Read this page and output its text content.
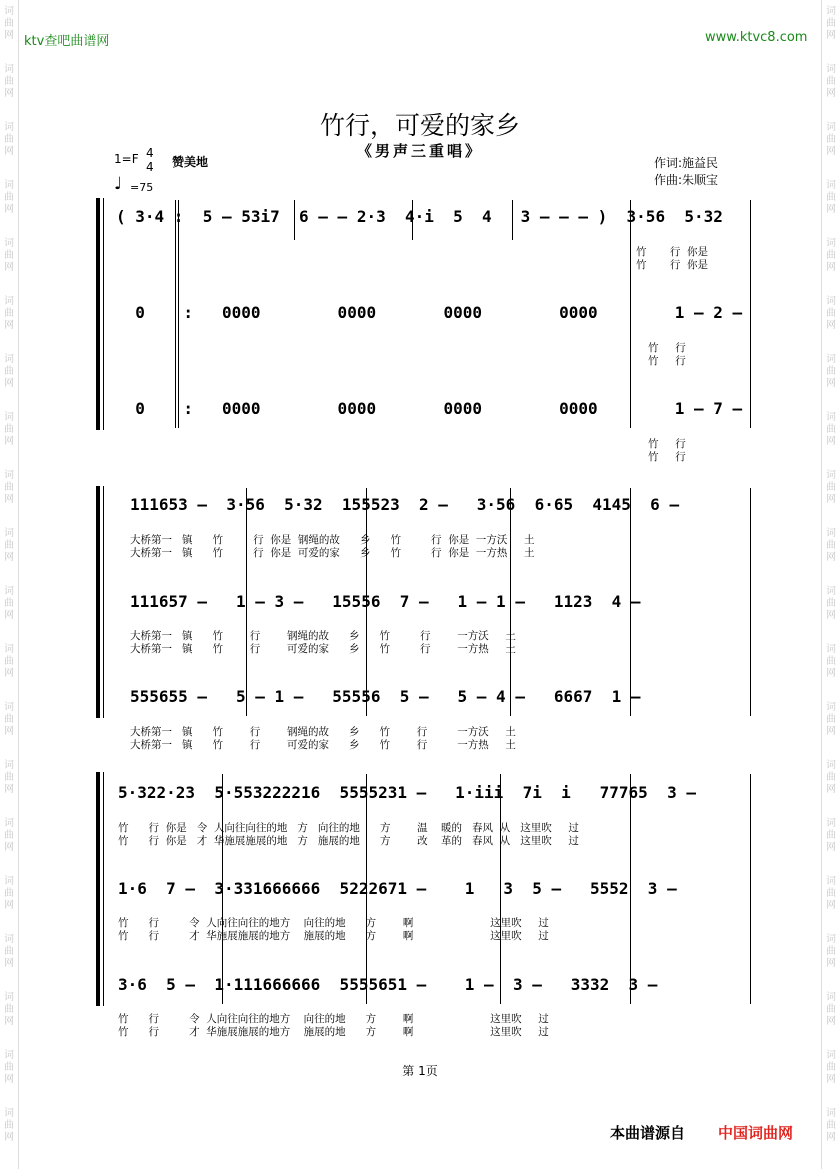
词
曲
网
词
曲
网
词
曲
网
词
曲
网
词
曲
网
词
曲
网
词
曲
网
词
曲
网
词
曲
网
词
曲
网
词
曲
网
词
曲
网
词
曲
网
词
曲
网
词
曲
网
词
曲
网
词
曲
网
词
曲
网
词
曲
网
词
曲
网
词
曲
网
词
曲
网
词
曲
网
词
曲
网
词
曲
网
词
曲
网
词
曲
网
词
曲
网
词
曲
网
词
曲
网
词
曲
网
词
曲
网
词
曲
网
词
曲
网
词
曲
网
词
曲
网
词
曲
网
词
曲
网
词
曲
网
词
曲
网
ktv查吧曲谱网	www.ktvc8.com
竹行，可爱的家乡
《男声三重唱》
作词:施益民
作曲:朱顺宝
1=F 4
4 赞美地
♩ =75
( 3·4 :  5 – 53i7  6 – – 2·3  4·i  5  4   3 – – – )  3·56  5·32
竹       行  你是
竹       行  你是
0    :   0000        0000       0000        0000        1 – 2 –
竹     行
竹     行
0    :   0000        0000       0000        0000        1 – 7 –
竹     行
竹     行
111653 –  3·56  5·32  155523  2 –   3·56  6·65  4145  6 –
大桥第一   镇      竹         行  你是  钢绳的故      乡      竹         行  你是  一方沃     土
大桥第一   镇      竹         行  你是  可爱的家      乡      竹         行  你是  一方热     土
111657 –   1 – 3 –   15556  7 –   1 – 1 –   1123  4 –
大桥第一   镇      竹        行        钢绳的故      乡      竹         行        一方沃     土
大桥第一   镇      竹        行        可爱的家      乡      竹         行        一方热     土
555655 –   5 – 1 –   55556  5 –   5 – 4 –   6667  1 –
大桥第一   镇      竹        行        钢绳的故      乡      竹        行         一方沃     土
大桥第一   镇      竹        行        可爱的家      乡      竹        行         一方热     土
5·322·23  5·553222216  5555231 –   1·iii  7i  i   77765  3 –
竹      行  你是   令  人向往向往的地   方   向往的地      方        温    暖的   春风  从   这里吹     过
竹      行  你是   才  华施展施展的地   方   施展的地      方        改    革的   春风  从   这里吹     过
1·6  7 –  3·331666666  5222671 –    1   3  5 –   5552  3 –
竹      行         令  人向往向往的地方    向往的地      方        啊                       这里吹     过
竹      行         才  华施展施展的地方    施展的地      方        啊                       这里吹     过
3·6  5 –  1·111666666  5555651 –    1 –  3 –   3332  3 –
竹      行         令  人向往向往的地方    向往的地      方        啊                       这里吹     过
竹      行         才  华施展施展的地方    施展的地      方        啊                       这里吹     过
第 1页
本曲谱源自 中国词曲网
